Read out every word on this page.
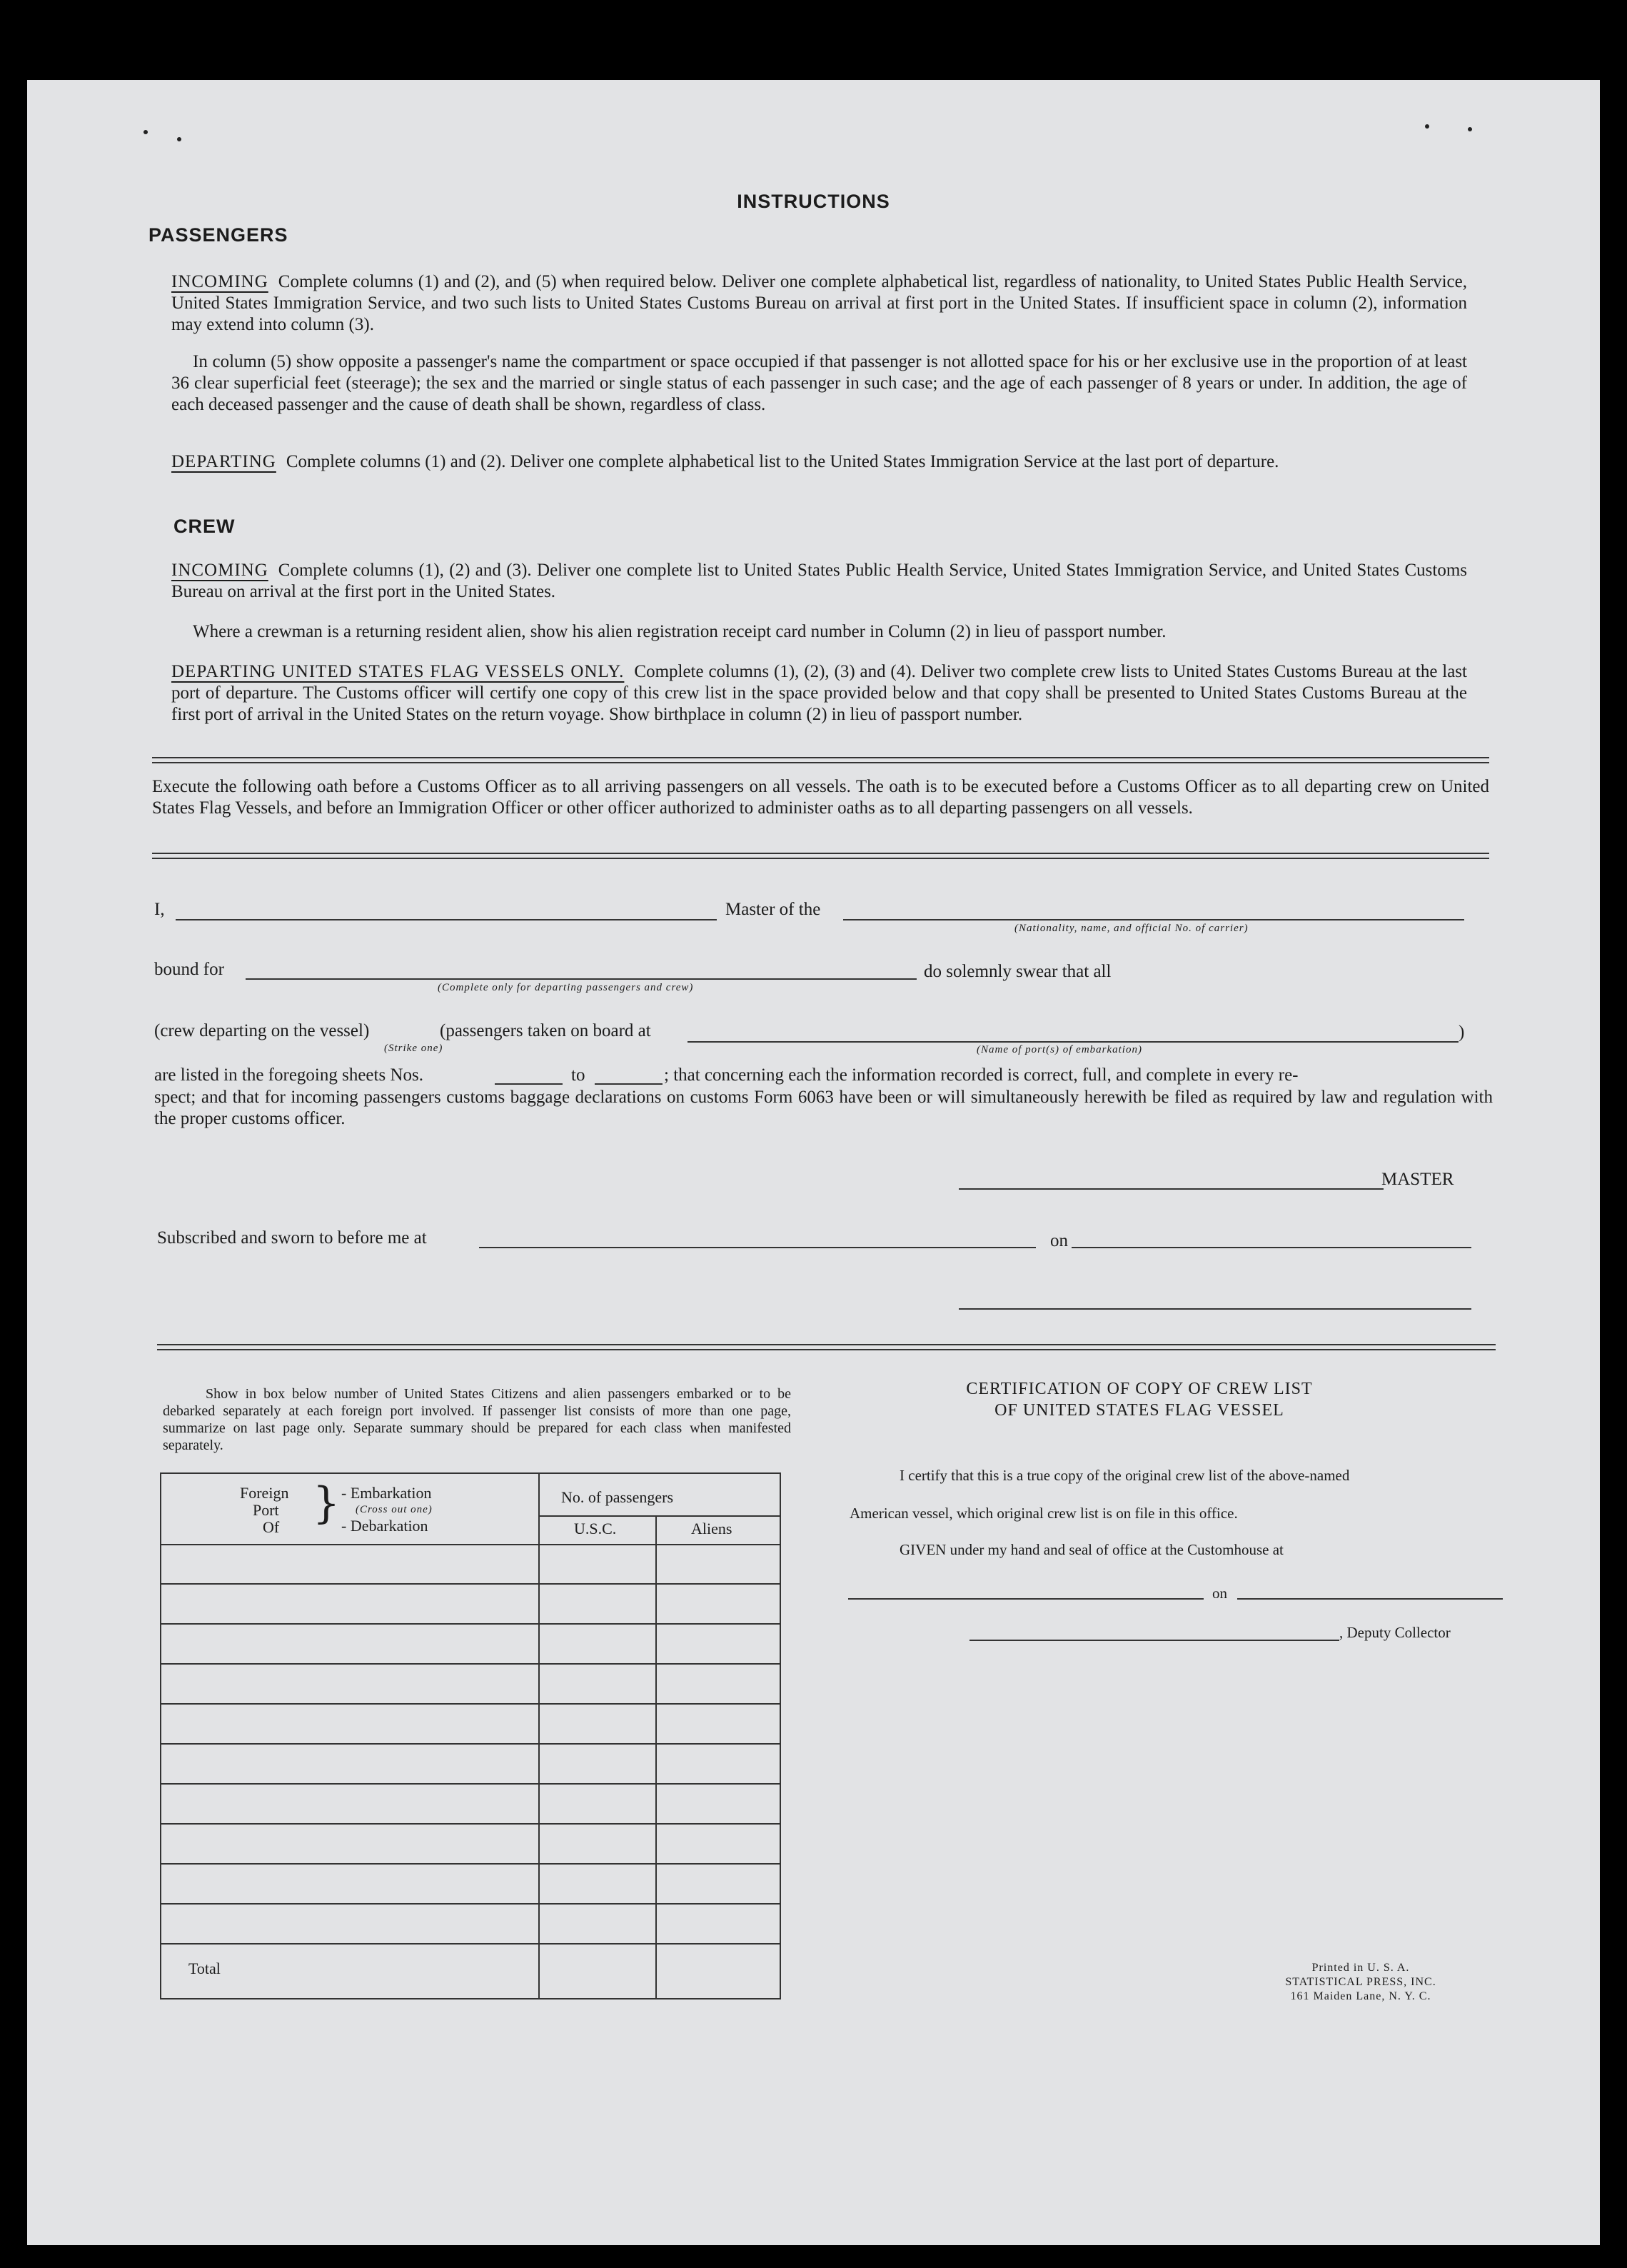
INSTRUCTIONS
PASSENGERS
INCOMING Complete columns (1) and (2), and (5) when required below. Deliver one complete alphabetical list, regardless of nationality, to United States Public Health Service, United States Immigration Service, and two such lists to United States Customs Bureau on arrival at first port in the United States. If insufficient space in column (2), information may extend into column (3).
In column (5) show opposite a passenger's name the compartment or space occupied if that passenger is not allotted space for his or her exclusive use in the proportion of at least 36 clear superficial feet (steerage); the sex and the married or single status of each passenger in such case; and the age of each passenger of 8 years or under. In addition, the age of each deceased passenger and the cause of death shall be shown, regardless of class.
DEPARTING Complete columns (1) and (2). Deliver one complete alphabetical list to the United States Immigration Service at the last port of departure.
CREW
INCOMING Complete columns (1), (2) and (3). Deliver one complete list to United States Public Health Service, United States Immigration Service, and United States Customs Bureau on arrival at the first port in the United States.
Where a crewman is a returning resident alien, show his alien registration receipt card number in Column (2) in lieu of passport number.
DEPARTING UNITED STATES FLAG VESSELS ONLY. Complete columns (1), (2), (3) and (4). Deliver two complete crew lists to United States Customs Bureau at the last port of departure. The Customs officer will certify one copy of this crew list in the space provided below and that copy shall be presented to United States Customs Bureau at the first port of arrival in the United States on the return voyage. Show birthplace in column (2) in lieu of passport number.
Execute the following oath before a Customs Officer as to all arriving passengers on all vessels. The oath is to be executed before a Customs Officer as to all departing crew on United States Flag Vessels, and before an Immigration Officer or other officer authorized to administer oaths as to all departing passengers on all vessels.
I,	Master of the
(Nationality, name, and official No. of carrier)
bound for
(Complete only for departing passengers and crew)
do solemnly swear that all
(crew departing on the vessel)
(Strike one)
(passengers taken on board at
(Name of port(s) of embarkation)
)
are listed in the foregoing sheets Nos.	to	; that concerning each the information recorded is correct, full, and complete in every re-
spect; and that for incoming passengers customs baggage declarations on customs Form 6063 have been or will simultaneously herewith be filed as required by law and regulation with the proper customs officer.
MASTER
Subscribed and sworn to before me at	on
Show in box below number of United States Citizens and alien passengers embarked or to be debarked separately at each foreign port involved. If passenger list consists of more than one page, summarize on last page only. Separate summary should be prepared for each class when manifested separately.
Foreign
Port
Of } - Embarkation
(Cross out one)
- Debarkation
No. of passengers
U.S.C.	Aliens
Total
CERTIFICATION OF COPY OF CREW LIST
OF UNITED STATES FLAG VESSEL
I certify that this is a true copy of the original crew list of the above-named
American vessel, which original crew list is on file in this office.
GIVEN under my hand and seal of office at the Customhouse at
on
, Deputy Collector
Printed in U. S. A.
STATISTICAL PRESS, INC.
161 Maiden Lane, N. Y. C.
